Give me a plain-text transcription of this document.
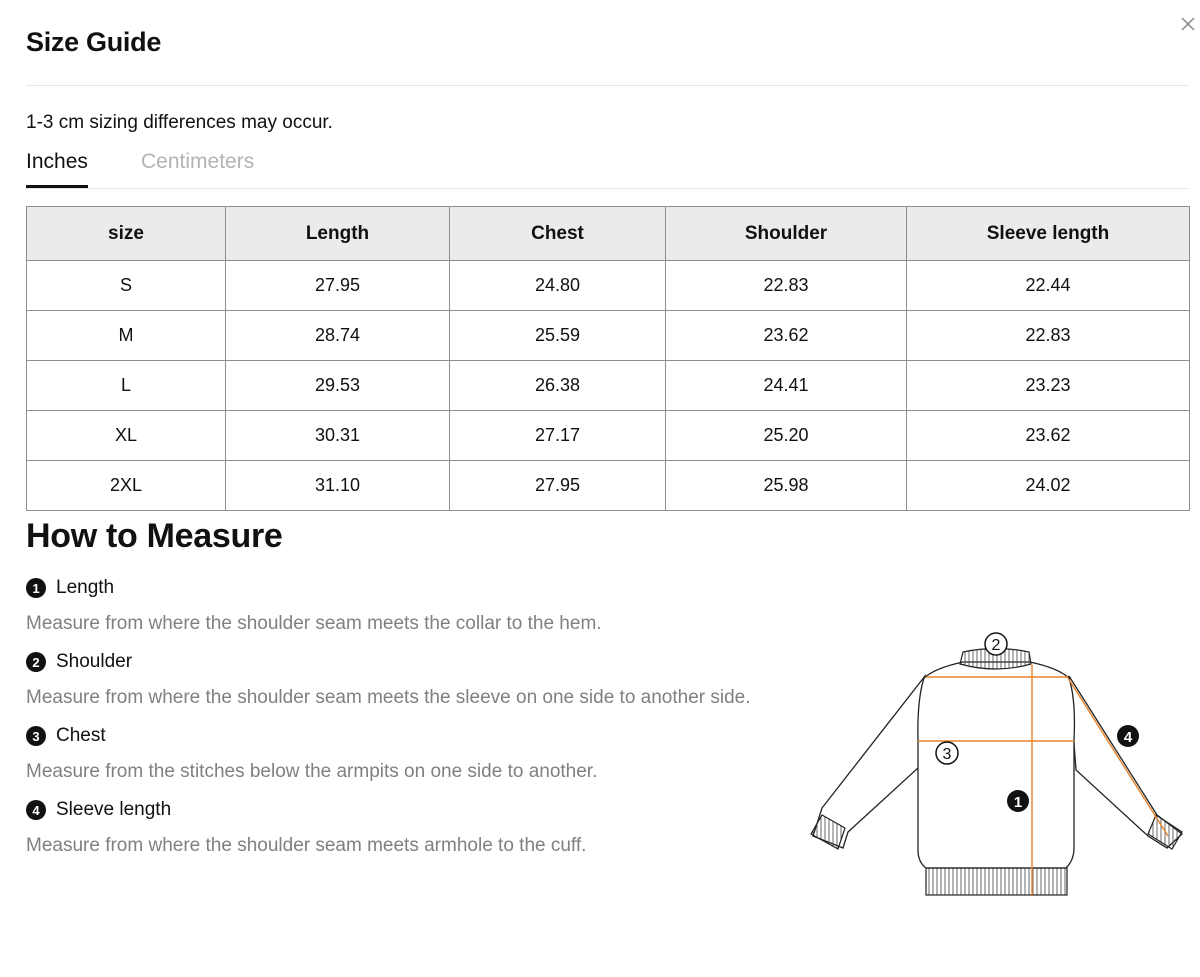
Size Guide
1-3 cm sizing differences may occur.
Inches	Centimeters
size	Length	Chest	Shoulder	Sleeve length
S	27.95	24.80	22.83	22.44
M	28.74	25.59	23.62	22.83
L	29.53	26.38	24.41	23.23
XL	30.31	27.17	25.20	23.62
2XL	31.10	27.95	25.98	24.02
How to Measure
1 Length
Measure from where the shoulder seam meets the collar to the hem.
2 Shoulder
Measure from where the shoulder seam meets the sleeve on one side to another side.
3 Chest
Measure from the stitches below the armpits on one side to another.
4 Sleeve length
Measure from where the shoulder seam meets armhole to the cuff.
2
3
1
4
